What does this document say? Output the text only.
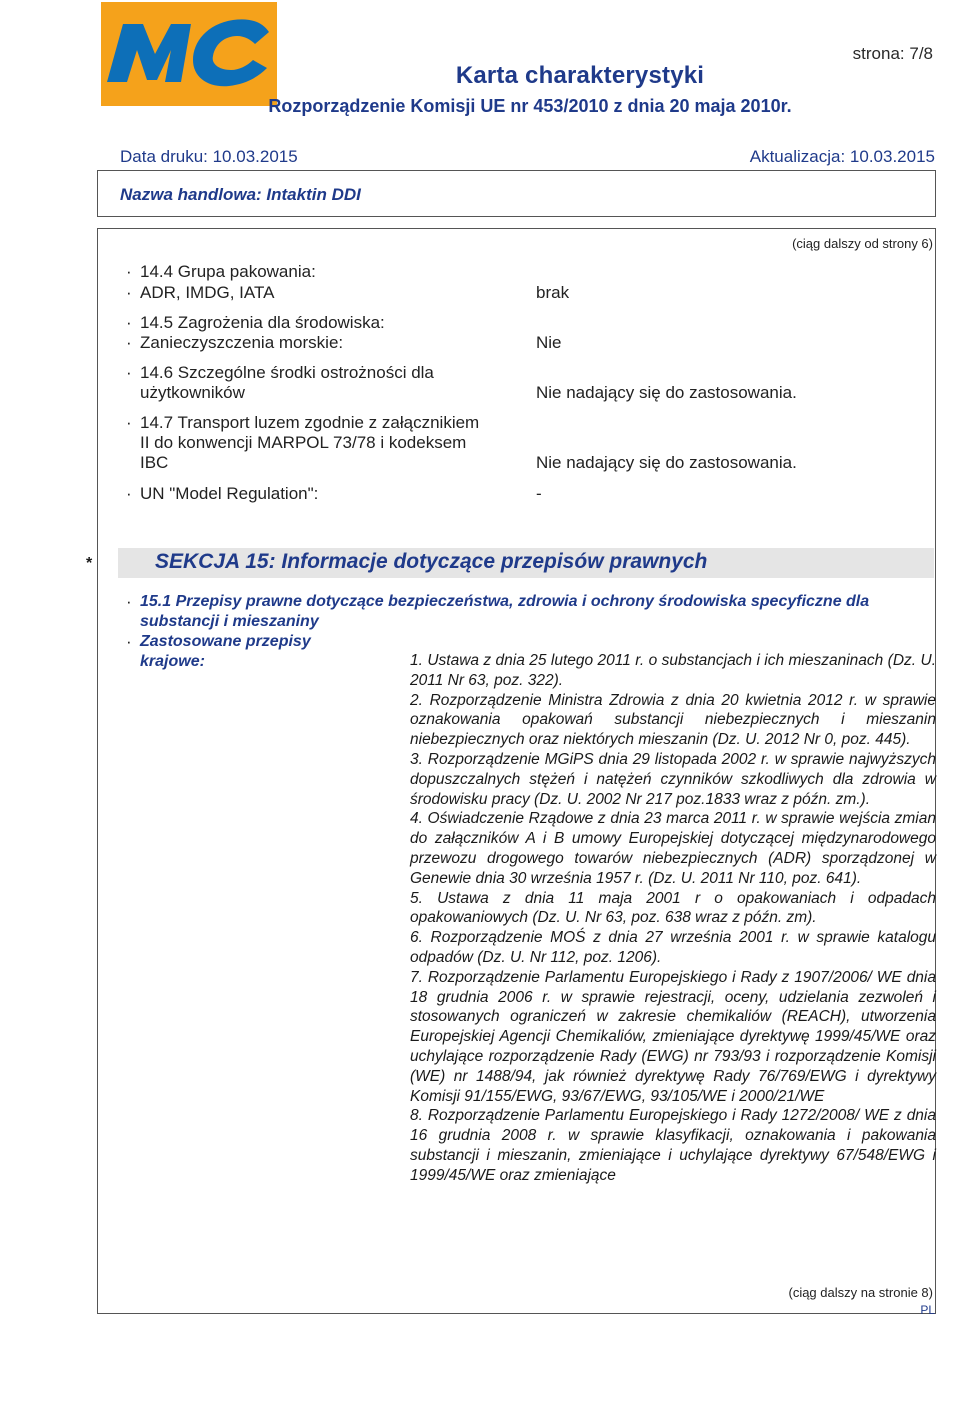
strona: 7/8
Karta charakterystyki
Rozporządzenie Komisji UE nr 453/2010 z dnia 20 maja 2010r.
Data druku: 10.03.2015	Aktualizacja: 10.03.2015
Nazwa handlowa: Intaktin DDI
(ciąg dalszy od strony 6)
· 14.4 Grupa pakowania:
· ADR, IMDG, IATA	brak
· 14.5 Zagrożenia dla środowiska:
· Zanieczyszczenia morskie:	Nie
· 14.6 Szczególne środki ostrożności dla
użytkowników	Nie nadający się do zastosowania.
· 14.7 Transport luzem zgodnie z załącznikiem
II do konwencji MARPOL 73/78 i kodeksem
IBC	Nie nadający się do zastosowania.
· UN "Model Regulation":	-
*	SEKCJA 15: Informacje dotyczące przepisów prawnych
· 15.1 Przepisy prawne dotyczące bezpieczeństwa, zdrowia i ochrony środowiska specyficzne dla substancji i mieszaniny
· Zastosowane przepisy
krajowe:	1. Ustawa z dnia 25 lutego 2011 r. o substancjach i ich mieszaninach (Dz. U. 2011 Nr 63, poz. 322).

2. Rozporządzenie Ministra Zdrowia z dnia 20 kwietnia 2012 r. w sprawie oznakowania opakowań substancji niebezpiecznych i mieszanin niebezpiecznych oraz niektórych mieszanin (Dz. U. 2012 Nr 0, poz. 445).

3. Rozporządzenie MGiPS dnia 29 listopada 2002 r. w sprawie najwyższych dopuszczalnych stężeń i natężeń czynników szkodliwych dla zdrowia w środowisku pracy (Dz. U. 2002 Nr 217 poz.1833 wraz z późn. zm.).

4. Oświadczenie Rządowe z dnia 23 marca 2011 r. w sprawie wejścia zmian do załączników A i B umowy Europejskiej dotyczącej międzynarodowego przewozu drogowego towarów niebezpiecznych (ADR) sporządzonej w Genewie dnia 30 września 1957 r. (Dz. U. 2011 Nr 110, poz. 641).

5. Ustawa z dnia 11 maja 2001 r o opakowaniach i odpadach opakowaniowych (Dz. U. Nr 63, poz. 638 wraz z późn. zm).

6. Rozporządzenie MOŚ z dnia 27 września 2001 r. w sprawie katalogu odpadów (Dz. U. Nr 112, poz. 1206).

7. Rozporządzenie Parlamentu Europejskiego i Rady z 1907/2006/ WE dnia 18 grudnia 2006 r. w sprawie rejestracji, oceny, udzielania zezwoleń i stosowanych ograniczeń w zakresie chemikaliów (REACH), utworzenia Europejskiej Agencji Chemikaliów, zmieniające dyrektywę 1999/45/WE oraz uchylające rozporządzenie Rady (EWG) nr 793/93 i rozporządzenie Komisji (WE) nr 1488/94, jak również dyrektywę Rady 76/769/EWG i dyrektywy Komisji 91/155/EWG, 93/67/EWG, 93/105/WE i 2000/21/WE

8. Rozporządzenie Parlamentu Europejskiego i Rady 1272/2008/ WE z dnia 16 grudnia 2008 r. w sprawie klasyfikacji, oznakowania i pakowania substancji i mieszanin, zmieniające i uchylające dyrektywy 67/548/EWG i 1999/45/WE oraz zmieniające

(ciąg dalszy na stronie 8)
PL
